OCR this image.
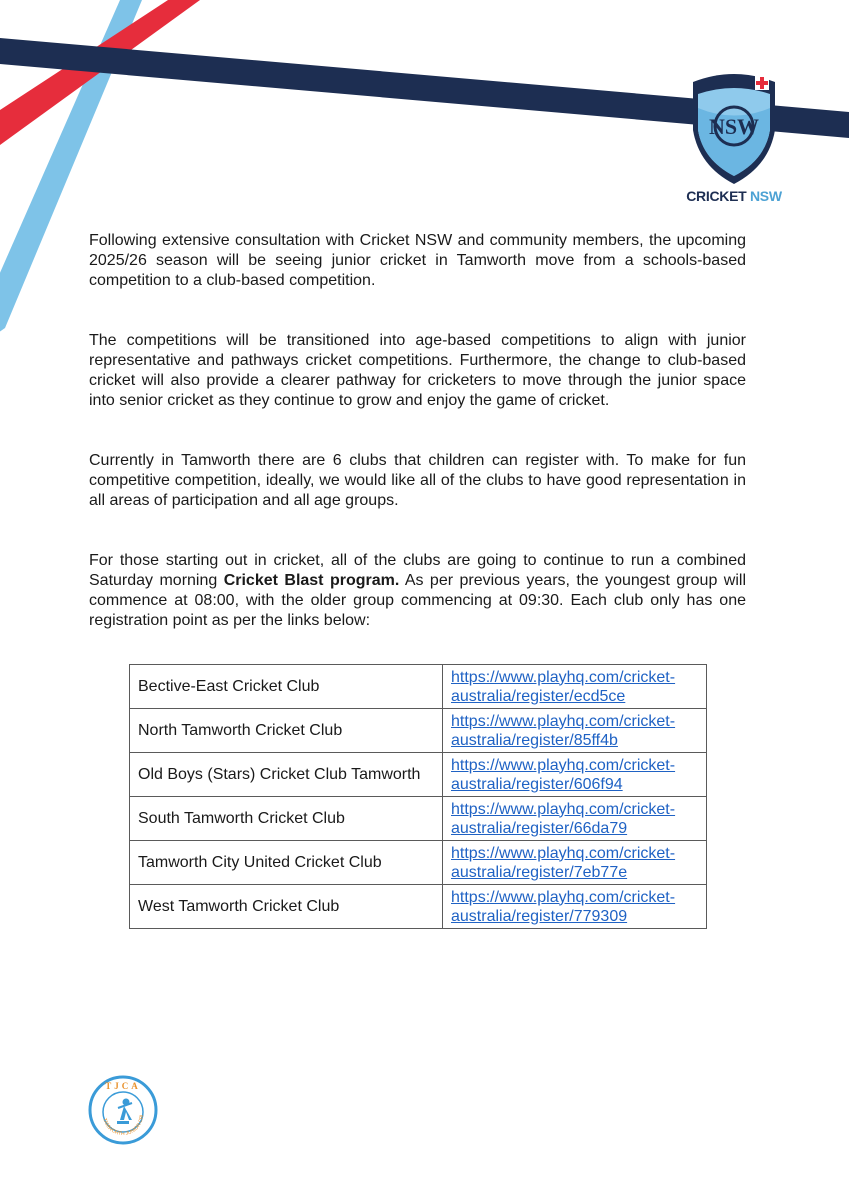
NSW
CRICKET NSW

Following extensive consultation with Cricket NSW and community members, the upcoming 2025/26 season will be seeing junior cricket in Tamworth move from a schools-based competition to a club-based competition.

The competitions will be transitioned into age-based competitions to align with junior representative and pathways cricket competitions. Furthermore, the change to club-based cricket will also provide a clearer pathway for cricketers to move through the junior space into senior cricket as they continue to grow and enjoy the game of cricket.

Currently in Tamworth there are 6 clubs that children can register with. To make for fun competitive competition, ideally, we would like all of the clubs to have good representation in all areas of participation and all age groups.

For those starting out in cricket, all of the clubs are going to continue to run a combined Saturday morning Cricket Blast program. As per previous years, the youngest group will commence at 08:00, with the older group commencing at 09:30. Each club only has one registration point as per the links below:

Bective-East Cricket Club	https://www.playhq.com/cricket-australia/register/ecd5ce
North Tamworth Cricket Club	https://www.playhq.com/cricket-australia/register/85ff4b
Old Boys (Stars) Cricket Club Tamworth	https://www.playhq.com/cricket-australia/register/606f94
South Tamworth Cricket Club	https://www.playhq.com/cricket-australia/register/66da79
Tamworth City United Cricket Club	https://www.playhq.com/cricket-australia/register/7eb77e
West Tamworth Cricket Club	https://www.playhq.com/cricket-australia/register/779309
TJCA
TAMWORTH JUNIOR CRI
